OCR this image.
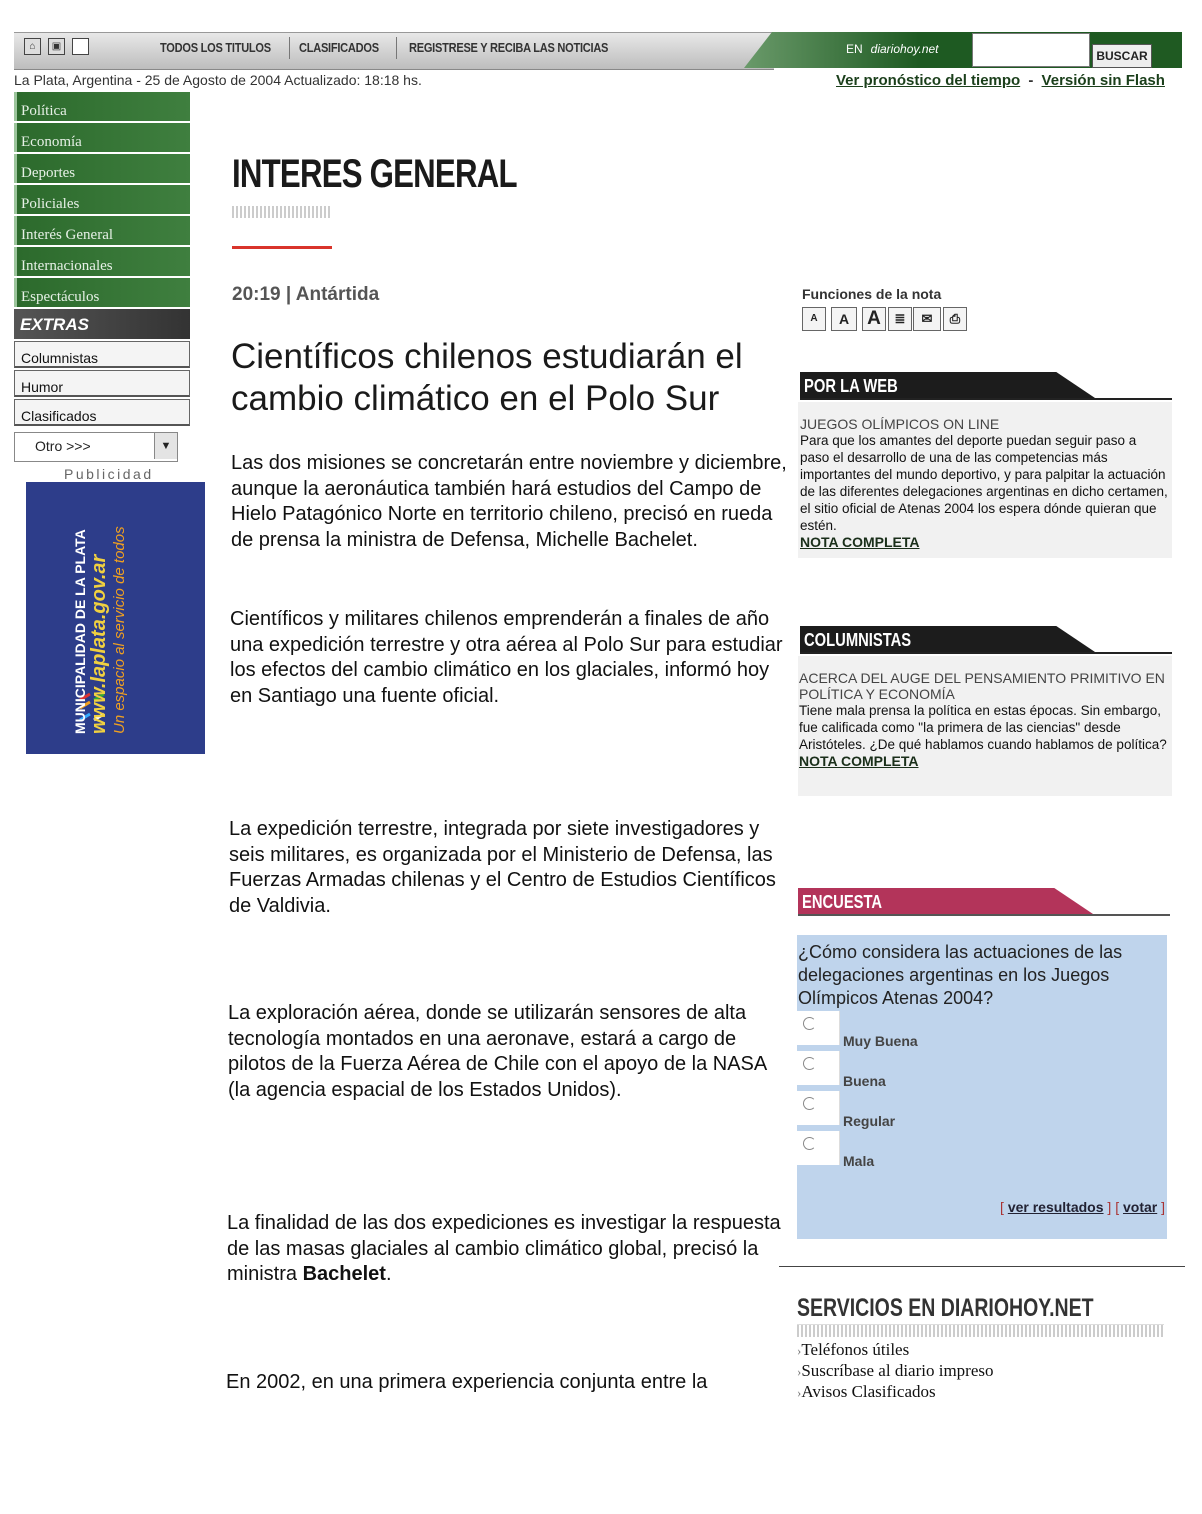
⌂	▣	TODOS LOS TITULOS CLASIFICADOS REGISTRESE Y RECIBA LAS NOTICIAS	EN diariohoy.net	BUSCAR
La Plata, Argentina - 25 de Agosto de 2004 Actualizado: 18:18 hs.	Ver pronóstico del tiempo - Versión sin Flash
Política
Economía
Deportes
Policiales
Interés General
Internacionales
Espectáculos
EXTRAS
Columnistas
Humor
Clasificados
Otro >>>	▼
Publicidad
MUNICIPALIDAD DE LA PLATA www.laplata.gov.ar Un espacio al servicio de todos
INTERES GENERAL
20:19 | Antártida
Científicos chilenos estudiarán el cambio climático en el Polo Sur
Las dos misiones se concretarán entre noviembre y diciembre, aunque la aeronáutica también hará estudios del Campo de Hielo Patagónico Norte en territorio chileno, precisó en rueda de prensa la ministra de Defensa, Michelle Bachelet.
Científicos y militares chilenos emprenderán a finales de año una expedición terrestre y otra aérea al Polo Sur para estudiar los efectos del cambio climático en los glaciales, informó hoy en Santiago una fuente oficial.
La expedición terrestre, integrada por siete investigadores y seis militares, es organizada por el Ministerio de Defensa, las Fuerzas Armadas chilenas y el Centro de Estudios Científicos de Valdivia.
La exploración aérea, donde se utilizarán sensores de alta tecnología montados en una aeronave, estará a cargo de pilotos de la Fuerza Aérea de Chile con el apoyo de la NASA (la agencia espacial de los Estados Unidos).
La finalidad de las dos expediciones es investigar la respuesta de las masas glaciales al cambio climático global, precisó la ministra Bachelet.
En 2002, en una primera experiencia conjunta entre la
Funciones de la nota
A	A A	≣	✉	⎙
POR LA WEB
JUEGOS OLÍMPICOS ON LINE
Para que los amantes del deporte puedan seguir paso a paso el desarrollo de una de las competencias más importantes del mundo deportivo, y para palpitar la actuación de las diferentes delegaciones argentinas en dicho certamen, el sitio oficial de Atenas 2004 los espera dónde quieran que estén.
NOTA COMPLETA
COLUMNISTAS
ACERCA DEL AUGE DEL PENSAMIENTO PRIMITIVO EN POLÍTICA Y ECONOMÍA
Tiene mala prensa la política en estas épocas. Sin embargo, fue calificada como "la primera de las ciencias" desde Aristóteles. ¿De qué hablamos cuando hablamos de política?
NOTA COMPLETA
ENCUESTA
¿Cómo considera las actuaciones de las delegaciones argentinas en los Juegos Olímpicos Atenas 2004?
Muy Buena
Buena
Regular
Mala
[ ver resultados ] [ votar ]
SERVICIOS EN DIARIOHOY.NET
›Teléfonos útiles
›Suscríbase al diario impreso
›Avisos Clasificados
